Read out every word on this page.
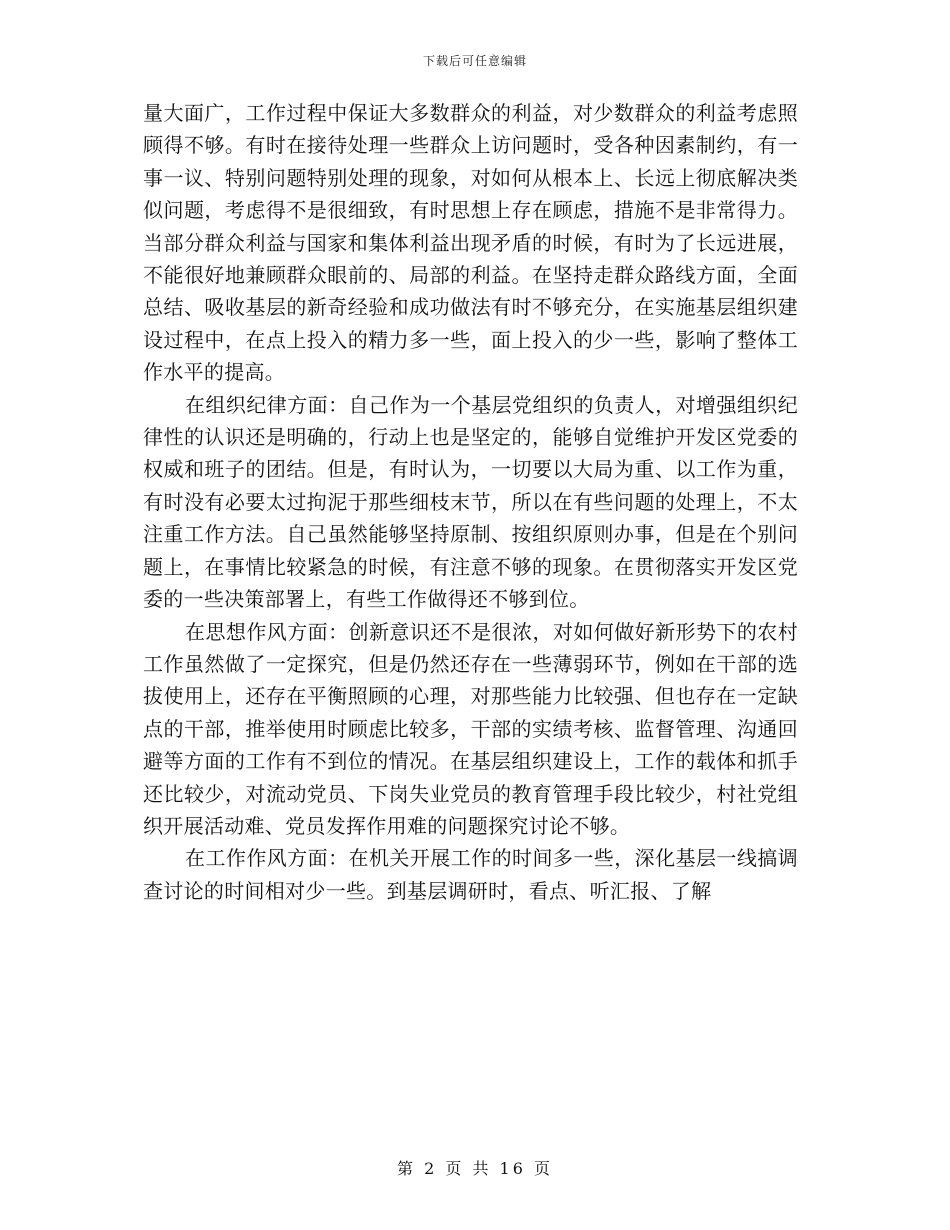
下载后可任意编辑

量大面广，工作过程中保证大多数群众的利益，对少数群众的利益考虑照顾得不够。有时在接待处理一些群众上访问题时，受各种因素制约，有一事一议、特别问题特别处理的现象，对如何从根本上、长远上彻底解决类似问题，考虑得不是很细致，有时思想上存在顾虑，措施不是非常得力。当部分群众利益与国家和集体利益出现矛盾的时候，有时为了长远进展，不能很好地兼顾群众眼前的、局部的利益。在坚持走群众路线方面，全面总结、吸收基层的新奇经验和成功做法有时不够充分，在实施基层组织建设过程中，在点上投入的精力多一些，面上投入的少一些，影响了整体工作水平的提高。

在组织纪律方面：自己作为一个基层党组织的负责人，对增强组织纪律性的认识还是明确的，行动上也是坚定的，能够自觉维护开发区党委的权威和班子的团结。但是，有时认为，一切要以大局为重、以工作为重，有时没有必要太过拘泥于那些细枝末节，所以在有些问题的处理上，不太注重工作方法。自己虽然能够坚持原制、按组织原则办事，但是在个别问题上，在事情比较紧急的时候，有注意不够的现象。在贯彻落实开发区党委的一些决策部署上，有些工作做得还不够到位。

在思想作风方面：创新意识还不是很浓，对如何做好新形势下的农村工作虽然做了一定探究，但是仍然还存在一些薄弱环节，例如在干部的选拔使用上，还存在平衡照顾的心理，对那些能力比较强、但也存在一定缺点的干部，推举使用时顾虑比较多，干部的实绩考核、监督管理、沟通回避等方面的工作有不到位的情况。在基层组织建设上，工作的载体和抓手还比较少，对流动党员、下岗失业党员的教育管理手段比较少，村社党组织开展活动难、党员发挥作用难的问题探究讨论不够。

在工作作风方面：在机关开展工作的时间多一些，深化基层一线搞调查讨论的时间相对少一些。到基层调研时，看点、听汇报、了解

第 2 页 共 16 页
